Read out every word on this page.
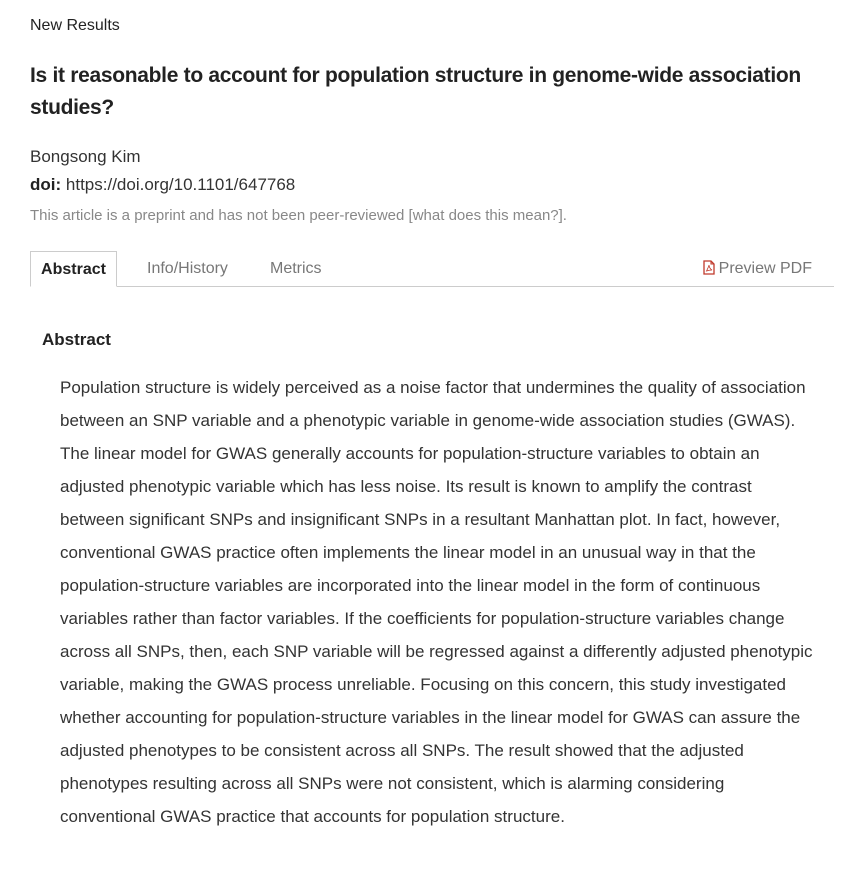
New Results
Is it reasonable to account for population structure in genome-wide association studies?
Bongsong Kim
doi: https://doi.org/10.1101/647768
This article is a preprint and has not been peer-reviewed [what does this mean?].
Abstract	Info/History	Metrics	Preview PDF
Abstract

Population structure is widely perceived as a noise factor that undermines the quality of association between an SNP variable and a phenotypic variable in genome-wide association studies (GWAS). The linear model for GWAS generally accounts for population-structure variables to obtain an adjusted phenotypic variable which has less noise. Its result is known to amplify the contrast between significant SNPs and insignificant SNPs in a resultant Manhattan plot. In fact, however, conventional GWAS practice often implements the linear model in an unusual way in that the population-structure variables are incorporated into the linear model in the form of continuous variables rather than factor variables. If the coefficients for population-structure variables change across all SNPs, then, each SNP variable will be regressed against a differently adjusted phenotypic variable, making the GWAS process unreliable. Focusing on this concern, this study investigated whether accounting for population-structure variables in the linear model for GWAS can assure the adjusted phenotypes to be consistent across all SNPs. The result showed that the adjusted phenotypes resulting across all SNPs were not consistent, which is alarming considering conventional GWAS practice that accounts for population structure.
